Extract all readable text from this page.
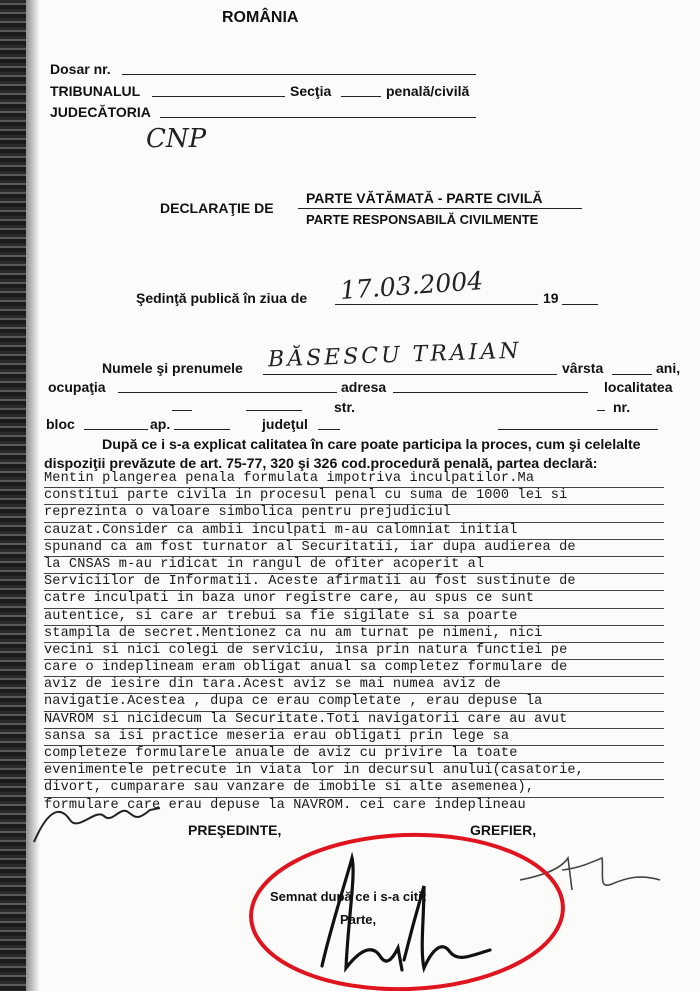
ROMÂNIA
Dosar nr.
TRIBUNALUL	Secţia	penală/civilă
JUDECĂTORIA
CNP
DECLARAŢIE DE
PARTE VĂTĂMATĂ - PARTE CIVILĂ
PARTE RESPONSABILĂ CIVILMENTE
Şedinţă publică în ziua de 17.03.2004	19
Numele şi prenumele BĂSESCU TRAIAN	vârsta	ani,
ocupaţia	adresa	localitatea
str.	nr.
bloc	ap.	judeţul
După ce i s-a explicat calitatea în care poate participa la proces, cum şi celelalte
dispoziţii prevăzute de art. 75-77, 320 şi 326 cod.procedură penală, partea declară:
Mentin plangerea penala formulata impotriva inculpatilor.Ma
constitui parte civila in procesul penal cu suma de 1000 lei si
reprezinta o valoare simbolica pentru prejudiciul
cauzat.Consider ca ambii inculpati m-au calomniat initial
spunand ca am fost turnator al Securitatii, iar dupa audierea de
la CNSAS m-au ridicat in rangul de ofiter acoperit al
Serviciilor de Informatii. Aceste afirmatii au fost sustinute de
catre inculpati in baza unor registre care, au spus ce sunt
autentice, si care ar trebui sa fie sigilate si sa poarte
stampila de secret.Mentionez ca nu am turnat pe nimeni, nici
vecini si nici colegi de serviciu, insa prin natura functiei pe
care o indeplineam eram obligat anual sa completez formulare de
aviz de iesire din tara.Acest aviz se mai numea aviz de
navigatie.Acestea , dupa ce erau completate , erau depuse la
NAVROM si nicidecum la Securitate.Toti navigatorii care au avut
sansa sa isi practice meseria erau obligati prin lege sa
completeze formularele anuale de aviz cu privire la toate
evenimentele petrecute in viata lor in decursul anului(casatorie,
divort, cumparare sau vanzare de imobile si alte asemenea),
formulare care erau depuse la NAVROM. cei care indeplineau
PREŞEDINTE,	GREFIER,
Semnat după ce i s-a citit
Parte,
